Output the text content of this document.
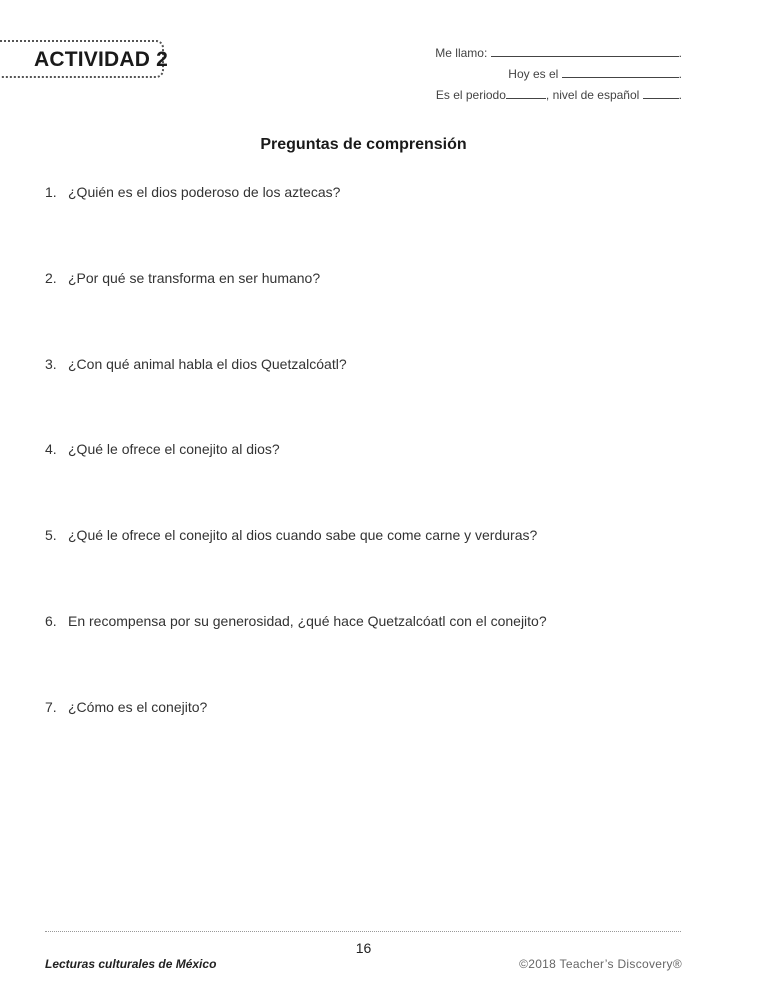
ACTIVIDAD 2	Me llamo:	.
Hoy es el	.
Es el periodo	, nivel de español	.
Preguntas de comprensión
1. ¿Quién es el dios poderoso de los aztecas?
2. ¿Por qué se transforma en ser humano?
3. ¿Con qué animal habla el dios Quetzalcóatl?
4. ¿Qué le ofrece el conejito al dios?
5. ¿Qué le ofrece el conejito al dios cuando sabe que come carne y verduras?
6. En recompensa por su generosidad, ¿qué hace Quetzalcóatl con el conejito?
7. ¿Cómo es el conejito?
16
Lecturas culturales de México	©2018 Teacher’s Discovery®
